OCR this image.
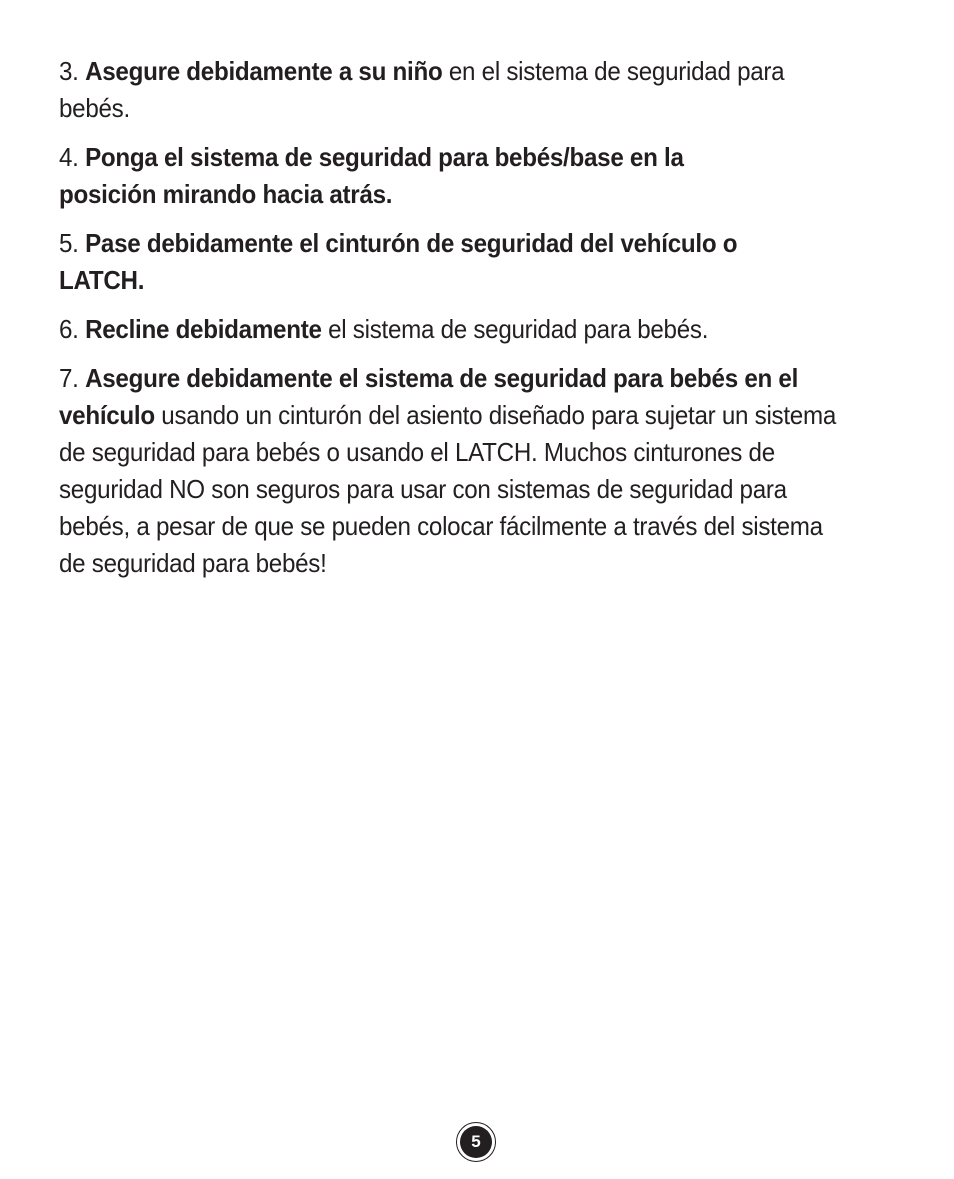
3. Asegure debidamente a su niño en el sistema de seguridad para bebés.

4. Ponga el sistema de seguridad para bebés/base en la posición mirando hacia atrás.

5. Pase debidamente el cinturón de seguridad del vehículo o LATCH.

6. Recline debidamente el sistema de seguridad para bebés.

7. Asegure debidamente el sistema de seguridad para bebés en el vehículo usando un cinturón del asiento diseñado para sujetar un sistema de seguridad para bebés o usando el LATCH. Muchos cinturones de seguridad NO son seguros para usar con sistemas de seguridad para bebés, a pesar de que se pueden colocar fácilmente a través del sistema de seguridad para bebés!

5
